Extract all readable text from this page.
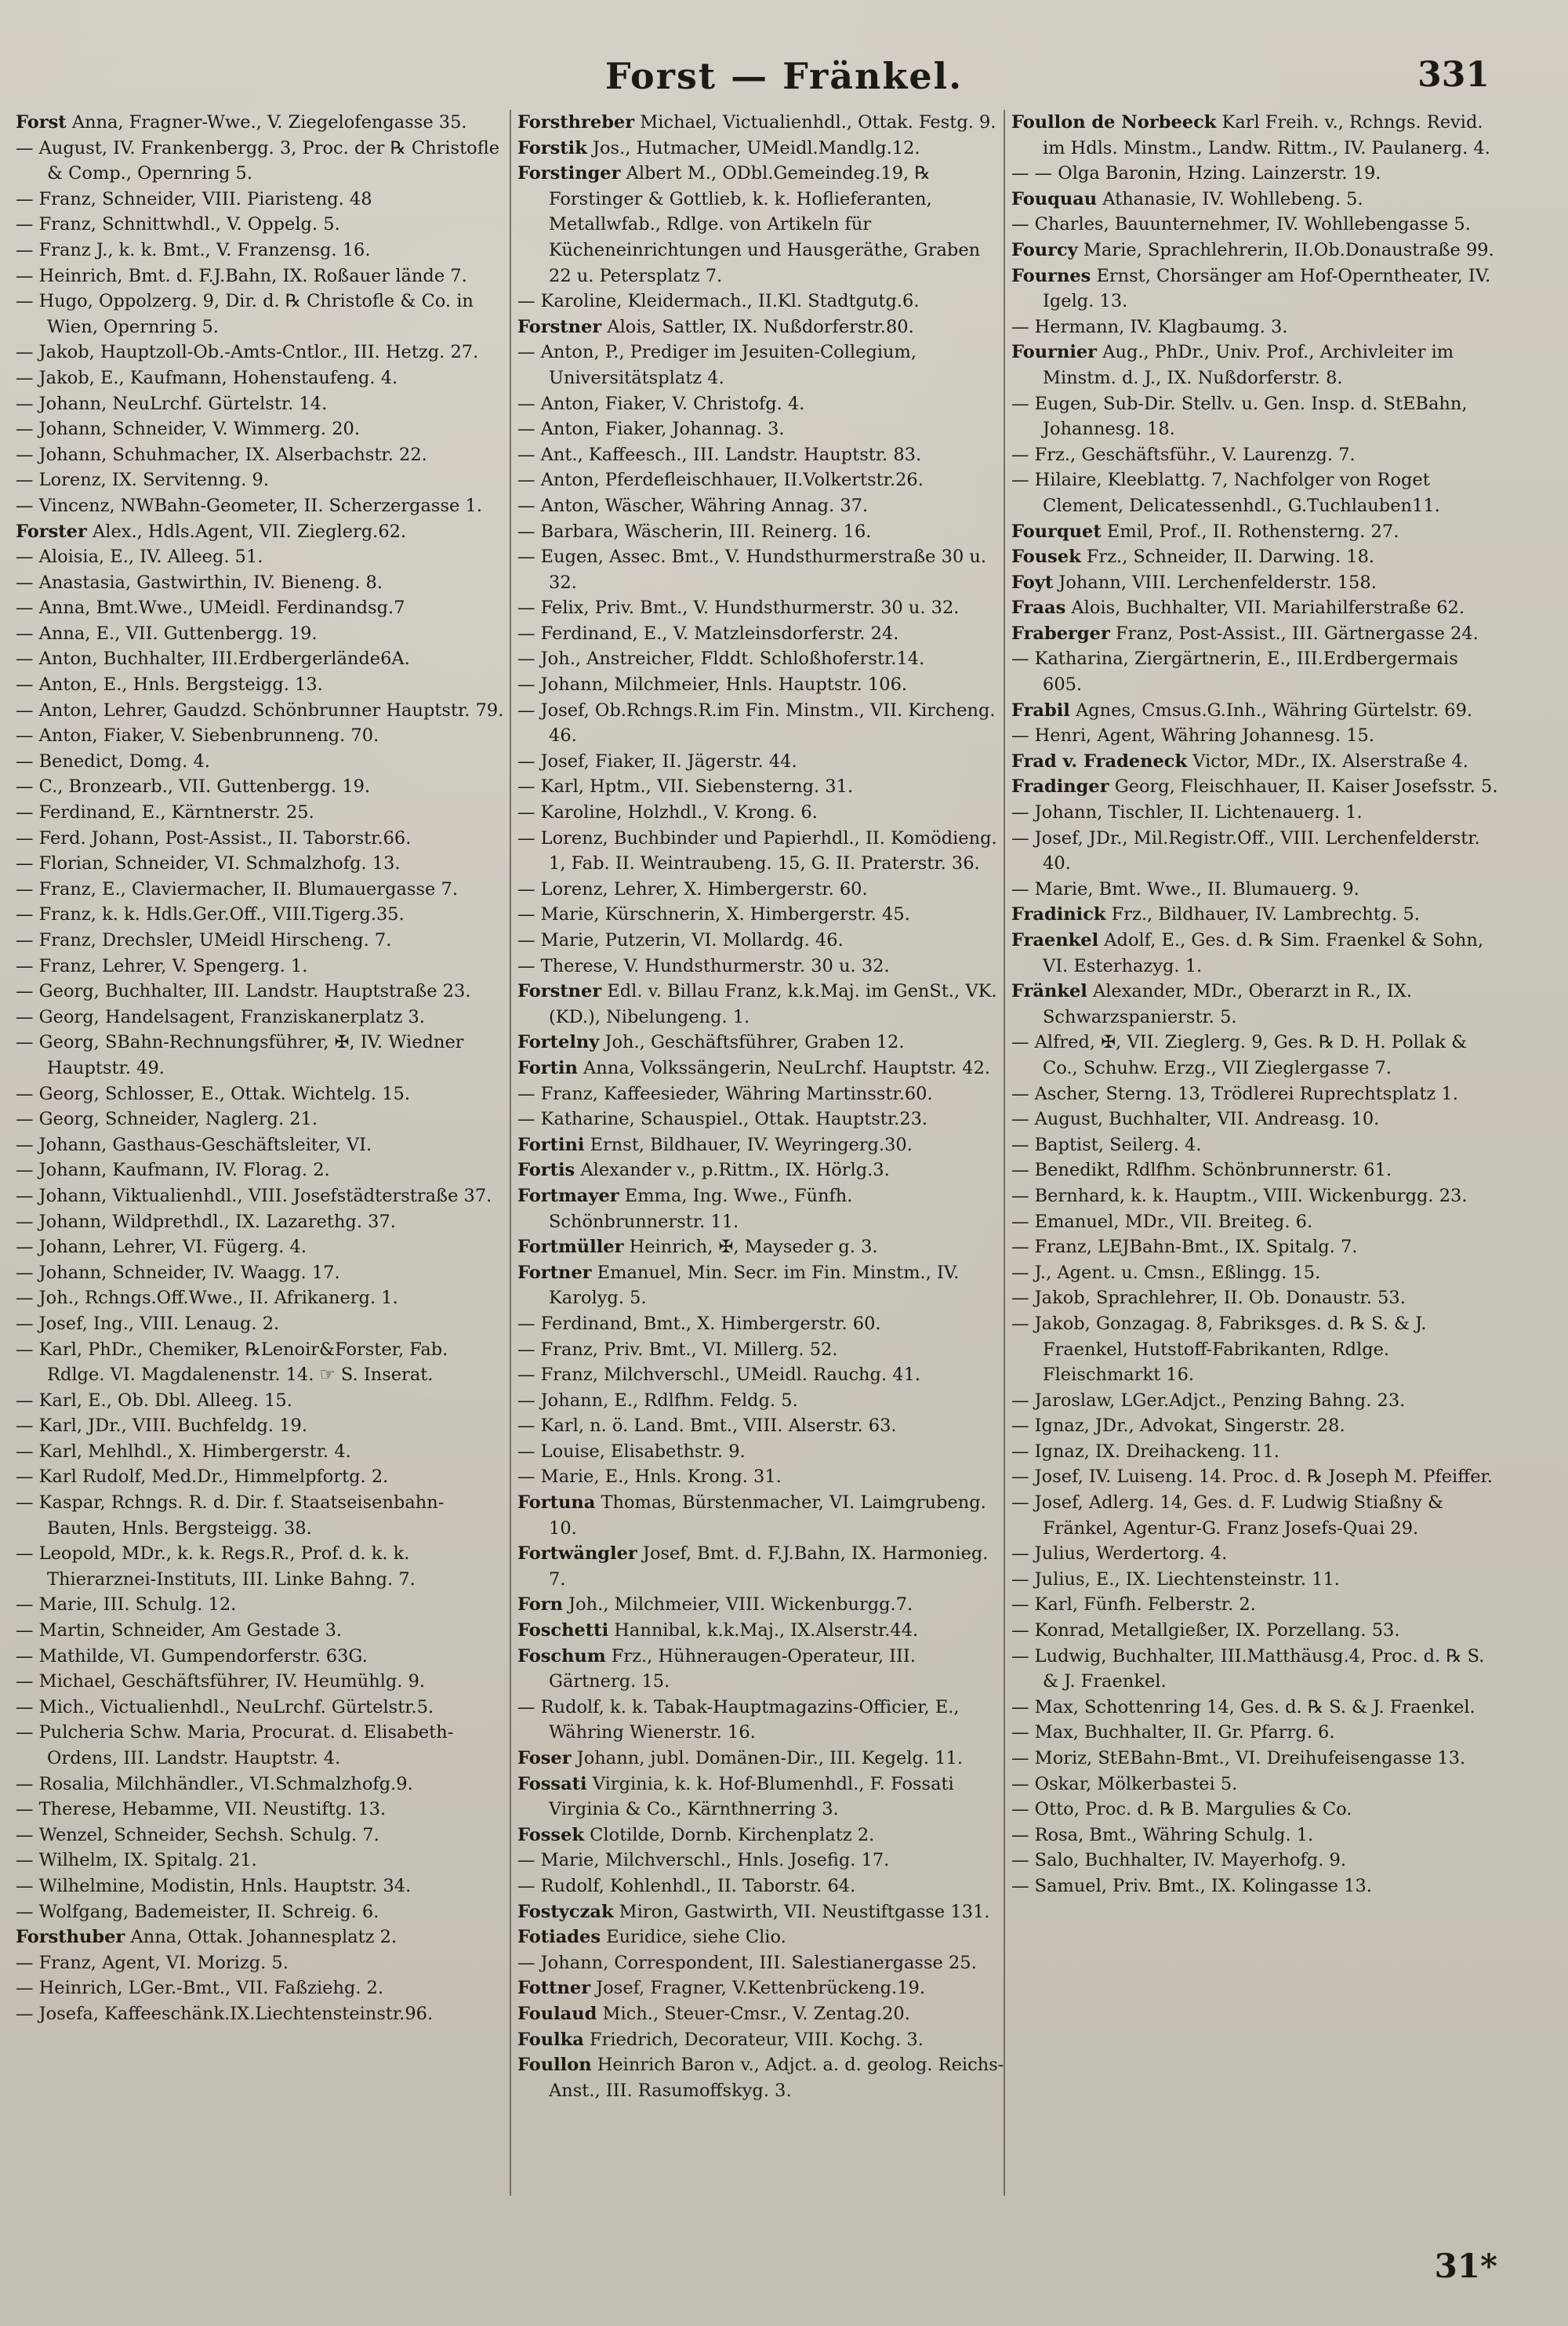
Forst — Fränkel.	331

Forst Anna, Fragner-Wwe., V. Ziegelofengasse 35.

— August, IV. Frankenbergg. 3, Proc. der ℞ Christofle & Comp., Opernring 5.

— Franz, Schneider, VIII. Piaristeng. 48

— Franz, Schnittwhdl., V. Oppelg. 5.

— Franz J., k. k. Bmt., V. Franzensg. 16.

— Heinrich, Bmt. d. F.J.Bahn, IX. Roßauer lände 7.

— Hugo, Oppolzerg. 9, Dir. d. ℞ Christofle & Co. in Wien, Opernring 5.

— Jakob, Hauptzoll-Ob.-Amts-Cntlor., III. Hetzg. 27.

— Jakob, E., Kaufmann, Hohenstaufeng. 4.

— Johann, NeuLrchf. Gürtelstr. 14.

— Johann, Schneider, V. Wimmerg. 20.

— Johann, Schuhmacher, IX. Alserbachstr. 22.

— Lorenz, IX. Servitenng. 9.

— Vincenz, NWBahn-Geometer, II. Scherzergasse 1.

Forster Alex., Hdls.Agent, VII. Zieglerg.62.

— Aloisia, E., IV. Alleeg. 51.

— Anastasia, Gastwirthin, IV. Bieneng. 8.

— Anna, Bmt.Wwe., UMeidl. Ferdinandsg.7

— Anna, E., VII. Guttenbergg. 19.

— Anton, Buchhalter, III.Erdbergerlände6A.

— Anton, E., Hnls. Bergsteigg. 13.

— Anton, Lehrer, Gaudzd. Schönbrunner Hauptstr. 79.

— Anton, Fiaker, V. Siebenbrunneng. 70.

— Benedict, Domg. 4.

— C., Bronzearb., VII. Guttenbergg. 19.

— Ferdinand, E., Kärntnerstr. 25.

— Ferd. Johann, Post-Assist., II. Taborstr.66.

— Florian, Schneider, VI. Schmalzhofg. 13.

— Franz, E., Claviermacher, II. Blumauergasse 7.

— Franz, k. k. Hdls.Ger.Off., VIII.Tigerg.35.

— Franz, Drechsler, UMeidl Hirscheng. 7.

— Franz, Lehrer, V. Spengerg. 1.

— Georg, Buchhalter, III. Landstr. Hauptstraße 23.

— Georg, Handelsagent, Franziskanerplatz 3.

— Georg, SBahn-Rechnungsführer, ✠, IV. Wiedner Hauptstr. 49.

— Georg, Schlosser, E., Ottak. Wichtelg. 15.

— Georg, Schneider, Naglerg. 21.

— Johann, Gasthaus-Geschäftsleiter, VI.

— Johann, Kaufmann, IV. Florag. 2.

— Johann, Viktualienhdl., VIII. Josefstädterstraße 37.

— Johann, Wildprethdl., IX. Lazarethg. 37.

— Johann, Lehrer, VI. Fügerg. 4.

— Johann, Schneider, IV. Waagg. 17.

— Joh., Rchngs.Off.Wwe., II. Afrikanerg. 1.

— Josef, Ing., VIII. Lenaug. 2.

— Karl, PhDr., Chemiker, ℞Lenoir&Forster, Fab. Rdlge. VI. Magdalenenstr. 14. ☞ S. Inserat.

— Karl, E., Ob. Dbl. Alleeg. 15.

— Karl, JDr., VIII. Buchfeldg. 19.

— Karl, Mehlhdl., X. Himbergerstr. 4.

— Karl Rudolf, Med.Dr., Himmelpfortg. 2.

— Kaspar, Rchngs. R. d. Dir. f. Staatseisenbahn-Bauten, Hnls. Bergsteigg. 38.

— Leopold, MDr., k. k. Regs.R., Prof. d. k. k. Thierarznei-Instituts, III. Linke Bahng. 7.

— Marie, III. Schulg. 12.

— Martin, Schneider, Am Gestade 3.

— Mathilde, VI. Gumpendorferstr. 63G.

— Michael, Geschäftsführer, IV. Heumühlg. 9.

— Mich., Victualienhdl., NeuLrchf. Gürtelstr.5.

— Pulcheria Schw. Maria, Procurat. d. Elisabeth-Ordens, III. Landstr. Hauptstr. 4.

— Rosalia, Milchhändler., VI.Schmalzhofg.9.

— Therese, Hebamme, VII. Neustiftg. 13.

— Wenzel, Schneider, Sechsh. Schulg. 7.

— Wilhelm, IX. Spitalg. 21.

— Wilhelmine, Modistin, Hnls. Hauptstr. 34.

— Wolfgang, Bademeister, II. Schreig. 6.

Forsthuber Anna, Ottak. Johannesplatz 2.

— Franz, Agent, VI. Morizg. 5.

— Heinrich, LGer.-Bmt., VII. Faßziehg. 2.

— Josefa, Kaffeeschänk.IX.Liechtensteinstr.96.

Forsthreber Michael, Victualienhdl., Ottak. Festg. 9.

Forstik Jos., Hutmacher, UMeidl.Mandlg.12.

Forstinger Albert M., ODbl.Gemeindeg.19, ℞ Forstinger & Gottlieb, k. k. Hoflieferanten, Metallwfab., Rdlge. von Artikeln für Kücheneinrichtungen und Hausgeräthe, Graben 22 u. Petersplatz 7.

— Karoline, Kleidermach., II.Kl. Stadtgutg.6.

Forstner Alois, Sattler, IX. Nußdorferstr.80.

— Anton, P., Prediger im Jesuiten-Collegium, Universitätsplatz 4.

— Anton, Fiaker, V. Christofg. 4.

— Anton, Fiaker, Johannag. 3.

— Ant., Kaffeesch., III. Landstr. Hauptstr. 83.

— Anton, Pferdefleischhauer, II.Volkertstr.26.

— Anton, Wäscher, Währing Annag. 37.

— Barbara, Wäscherin, III. Reinerg. 16.

— Eugen, Assec. Bmt., V. Hundsthurmerstraße 30 u. 32.

— Felix, Priv. Bmt., V. Hundsthurmerstr. 30 u. 32.

— Ferdinand, E., V. Matzleinsdorferstr. 24.

— Joh., Anstreicher, Flddt. Schloßhoferstr.14.

— Johann, Milchmeier, Hnls. Hauptstr. 106.

— Josef, Ob.Rchngs.R.im Fin. Minstm., VII. Kircheng. 46.

— Josef, Fiaker, II. Jägerstr. 44.

— Karl, Hptm., VII. Siebensterng. 31.

— Karoline, Holzhdl., V. Krong. 6.

— Lorenz, Buchbinder und Papierhdl., II. Komödieng. 1, Fab. II. Weintraubeng. 15, G. II. Praterstr. 36.

— Lorenz, Lehrer, X. Himbergerstr. 60.

— Marie, Kürschnerin, X. Himbergerstr. 45.

— Marie, Putzerin, VI. Mollardg. 46.

— Therese, V. Hundsthurmerstr. 30 u. 32.

Forstner Edl. v. Billau Franz, k.k.Maj. im GenSt., VK. (KD.), Nibelungeng. 1.

Fortelny Joh., Geschäftsführer, Graben 12.

Fortin Anna, Volkssängerin, NeuLrchf. Hauptstr. 42.

— Franz, Kaffeesieder, Währing Martinsstr.60.

— Katharine, Schauspiel., Ottak. Hauptstr.23.

Fortini Ernst, Bildhauer, IV. Weyringerg.30.

Fortis Alexander v., p.Rittm., IX. Hörlg.3.

Fortmayer Emma, Ing. Wwe., Fünfh. Schönbrunnerstr. 11.

Fortmüller Heinrich, ✠, Mayseder g. 3.

Fortner Emanuel, Min. Secr. im Fin. Minstm., IV. Karolyg. 5.

— Ferdinand, Bmt., X. Himbergerstr. 60.

— Franz, Priv. Bmt., VI. Millerg. 52.

— Franz, Milchverschl., UMeidl. Rauchg. 41.

— Johann, E., Rdlfhm. Feldg. 5.

— Karl, n. ö. Land. Bmt., VIII. Alserstr. 63.

— Louise, Elisabethstr. 9.

— Marie, E., Hnls. Krong. 31.

Fortuna Thomas, Bürstenmacher, VI. Laimgrubeng. 10.

Fortwängler Josef, Bmt. d. F.J.Bahn, IX. Harmonieg. 7.

Forn Joh., Milchmeier, VIII. Wickenburgg.7.

Foschetti Hannibal, k.k.Maj., IX.Alserstr.44.

Foschum Frz., Hühneraugen-Operateur, III. Gärtnerg. 15.

— Rudolf, k. k. Tabak-Hauptmagazins-Officier, E., Währing Wienerstr. 16.

Foser Johann, jubl. Domänen-Dir., III. Kegelg. 11.

Fossati Virginia, k. k. Hof-Blumenhdl., F. Fossati Virginia & Co., Kärnthnerring 3.

Fossek Clotilde, Dornb. Kirchenplatz 2.

— Marie, Milchverschl., Hnls. Josefig. 17.

— Rudolf, Kohlenhdl., II. Taborstr. 64.

Fostyczak Miron, Gastwirth, VII. Neustiftgasse 131.

Fotiades Euridice, siehe Clio.

— Johann, Correspondent, III. Salestianergasse 25.

Fottner Josef, Fragner, V.Kettenbrückeng.19.

Foulaud Mich., Steuer-Cmsr., V. Zentag.20.

Foulka Friedrich, Decorateur, VIII. Kochg. 3.

Foullon Heinrich Baron v., Adjct. a. d. geolog. Reichs-Anst., III. Rasumoffskyg. 3.

Foullon de Norbeeck Karl Freih. v., Rchngs. Revid. im Hdls. Minstm., Landw. Rittm., IV. Paulanerg. 4.

— — Olga Baronin, Hzing. Lainzerstr. 19.

Fouquau Athanasie, IV. Wohllebeng. 5.

— Charles, Bauunternehmer, IV. Wohllebengasse 5.

Fourcy Marie, Sprachlehrerin, II.Ob.Donaustraße 99.

Fournes Ernst, Chorsänger am Hof-Operntheater, IV. Igelg. 13.

— Hermann, IV. Klagbaumg. 3.

Fournier Aug., PhDr., Univ. Prof., Archivleiter im Minstm. d. J., IX. Nußdorferstr. 8.

— Eugen, Sub-Dir. Stellv. u. Gen. Insp. d. StEBahn, Johannesg. 18.

— Frz., Geschäftsführ., V. Laurenzg. 7.

— Hilaire, Kleeblattg. 7, Nachfolger von Roget Clement, Delicatessenhdl., G.Tuchlauben11.

Fourquet Emil, Prof., II. Rothensterng. 27.

Fousek Frz., Schneider, II. Darwing. 18.

Foyt Johann, VIII. Lerchenfelderstr. 158.

Fraas Alois, Buchhalter, VII. Mariahilferstraße 62.

Fraberger Franz, Post-Assist., III. Gärtnergasse 24.

— Katharina, Ziergärtnerin, E., III.Erdbergermais 605.

Frabil Agnes, Cmsus.G.Inh., Währing Gürtelstr. 69.

— Henri, Agent, Währing Johannesg. 15.

Frad v. Fradeneck Victor, MDr., IX. Alserstraße 4.

Fradinger Georg, Fleischhauer, II. Kaiser Josefsstr. 5.

— Johann, Tischler, II. Lichtenauerg. 1.

— Josef, JDr., Mil.Registr.Off., VIII. Lerchenfelderstr. 40.

— Marie, Bmt. Wwe., II. Blumauerg. 9.

Fradinick Frz., Bildhauer, IV. Lambrechtg. 5.

Fraenkel Adolf, E., Ges. d. ℞ Sim. Fraenkel & Sohn, VI. Esterhazyg. 1.

Fränkel Alexander, MDr., Oberarzt in R., IX. Schwarzspanierstr. 5.

— Alfred, ✠, VII. Zieglerg. 9, Ges. ℞ D. H. Pollak & Co., Schuhw. Erzg., VII Zieglergasse 7.

— Ascher, Sterng. 13, Trödlerei Ruprechtsplatz 1.

— August, Buchhalter, VII. Andreasg. 10.

— Baptist, Seilerg. 4.

— Benedikt, Rdlfhm. Schönbrunnerstr. 61.

— Bernhard, k. k. Hauptm., VIII. Wickenburgg. 23.

— Emanuel, MDr., VII. Breiteg. 6.

— Franz, LEJBahn-Bmt., IX. Spitalg. 7.

— J., Agent. u. Cmsn., Eßlingg. 15.

— Jakob, Sprachlehrer, II. Ob. Donaustr. 53.

— Jakob, Gonzagag. 8, Fabriksges. d. ℞ S. & J. Fraenkel, Hutstoff-Fabrikanten, Rdlge. Fleischmarkt 16.

— Jaroslaw, LGer.Adjct., Penzing Bahng. 23.

— Ignaz, JDr., Advokat, Singerstr. 28.

— Ignaz, IX. Dreihackeng. 11.

— Josef, IV. Luiseng. 14. Proc. d. ℞ Joseph M. Pfeiffer.

— Josef, Adlerg. 14, Ges. d. F. Ludwig Stiaßny & Fränkel, Agentur-G. Franz Josefs-Quai 29.

— Julius, Werdertorg. 4.

— Julius, E., IX. Liechtensteinstr. 11.

— Karl, Fünfh. Felberstr. 2.

— Konrad, Metallgießer, IX. Porzellang. 53.

— Ludwig, Buchhalter, III.Matthäusg.4, Proc. d. ℞ S. & J. Fraenkel.

— Max, Schottenring 14, Ges. d. ℞ S. & J. Fraenkel.

— Max, Buchhalter, II. Gr. Pfarrg. 6.

— Moriz, StEBahn-Bmt., VI. Dreihufeisengasse 13.

— Oskar, Mölkerbastei 5.

— Otto, Proc. d. ℞ B. Margulies & Co.

— Rosa, Bmt., Währing Schulg. 1.

— Salo, Buchhalter, IV. Mayerhofg. 9.

— Samuel, Priv. Bmt., IX. Kolingasse 13.

31*
